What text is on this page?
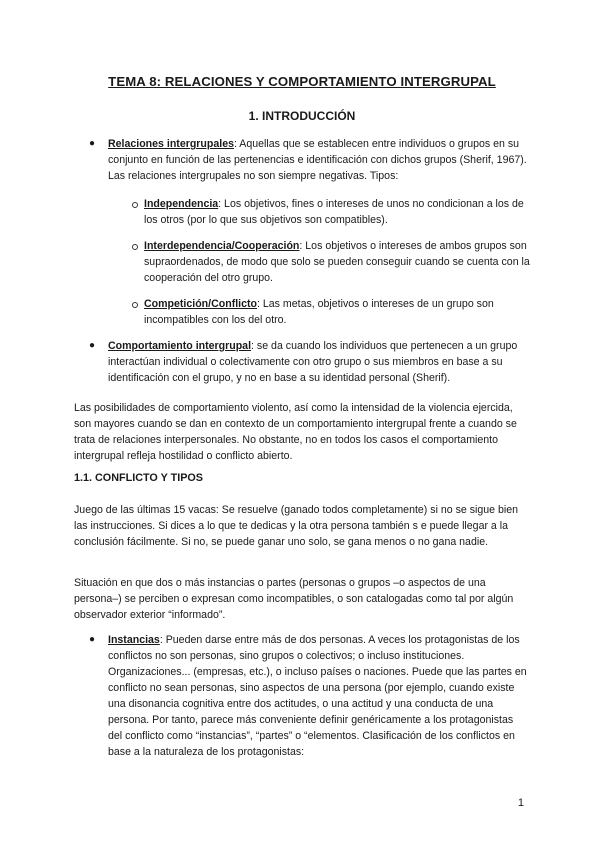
TEMA 8: RELACIONES Y COMPORTAMIENTO INTERGRUPAL
1. INTRODUCCIÓN
● Relaciones intergrupales: Aquellas que se establecen entre individuos o grupos en su conjunto en función de las pertenencias e identificación con dichos grupos (Sherif, 1967). Las relaciones intergrupales no son siempre negativas. Tipos:

Independencia: Los objetivos, fines o intereses de unos no condicionan a los de los otros (por lo que sus objetivos son compatibles).

Interdependencia/Cooperación: Los objetivos o intereses de ambos grupos son supraordenados, de modo que solo se pueden conseguir cuando se cuenta con la cooperación del otro grupo.

Competición/Conflicto: Las metas, objetivos o intereses de un grupo son incompatibles con los del otro.

● Comportamiento intergrupal: se da cuando los individuos que pertenecen a un grupo interactúan individual o colectivamente con otro grupo o sus miembros en base a su identificación con el grupo, y no en base a su identidad personal (Sherif).

Las posibilidades de comportamiento violento, así como la intensidad de la violencia ejercida, son mayores cuando se dan en contexto de un comportamiento intergrupal frente a cuando se trata de relaciones interpersonales. No obstante, no en todos los casos el comportamiento intergrupal refleja hostilidad o conflicto abierto.

1.1. CONFLICTO Y TIPOS

Juego de las últimas 15 vacas: Se resuelve (ganado todos completamente) si no se sigue bien las instrucciones. Si dices a lo que te dedicas y la otra persona también s e puede llegar a la conclusión fácilmente. Si no, se puede ganar uno solo, se gana menos o no gana nadie.

Situación en que dos o más instancias o partes (personas o grupos –o aspectos de una persona–) se perciben o expresan como incompatibles, o son catalogadas como tal por algún observador exterior “informado”.

● Instancias: Pueden darse entre más de dos personas. A veces los protagonistas de los conflictos no son personas, sino grupos o colectivos; o incluso instituciones. Organizaciones... (empresas, etc.), o incluso países o naciones. Puede que las partes en conflicto no sean personas, sino aspectos de una persona (por ejemplo, cuando existe una disonancia cognitiva entre dos actitudes, o una actitud y una conducta de una persona. Por tanto, parece más conveniente definir genéricamente a los protagonistas del conflicto como “instancias”, “partes” o “elementos. Clasificación de los conflictos en base a la naturaleza de los protagonistas:

1
